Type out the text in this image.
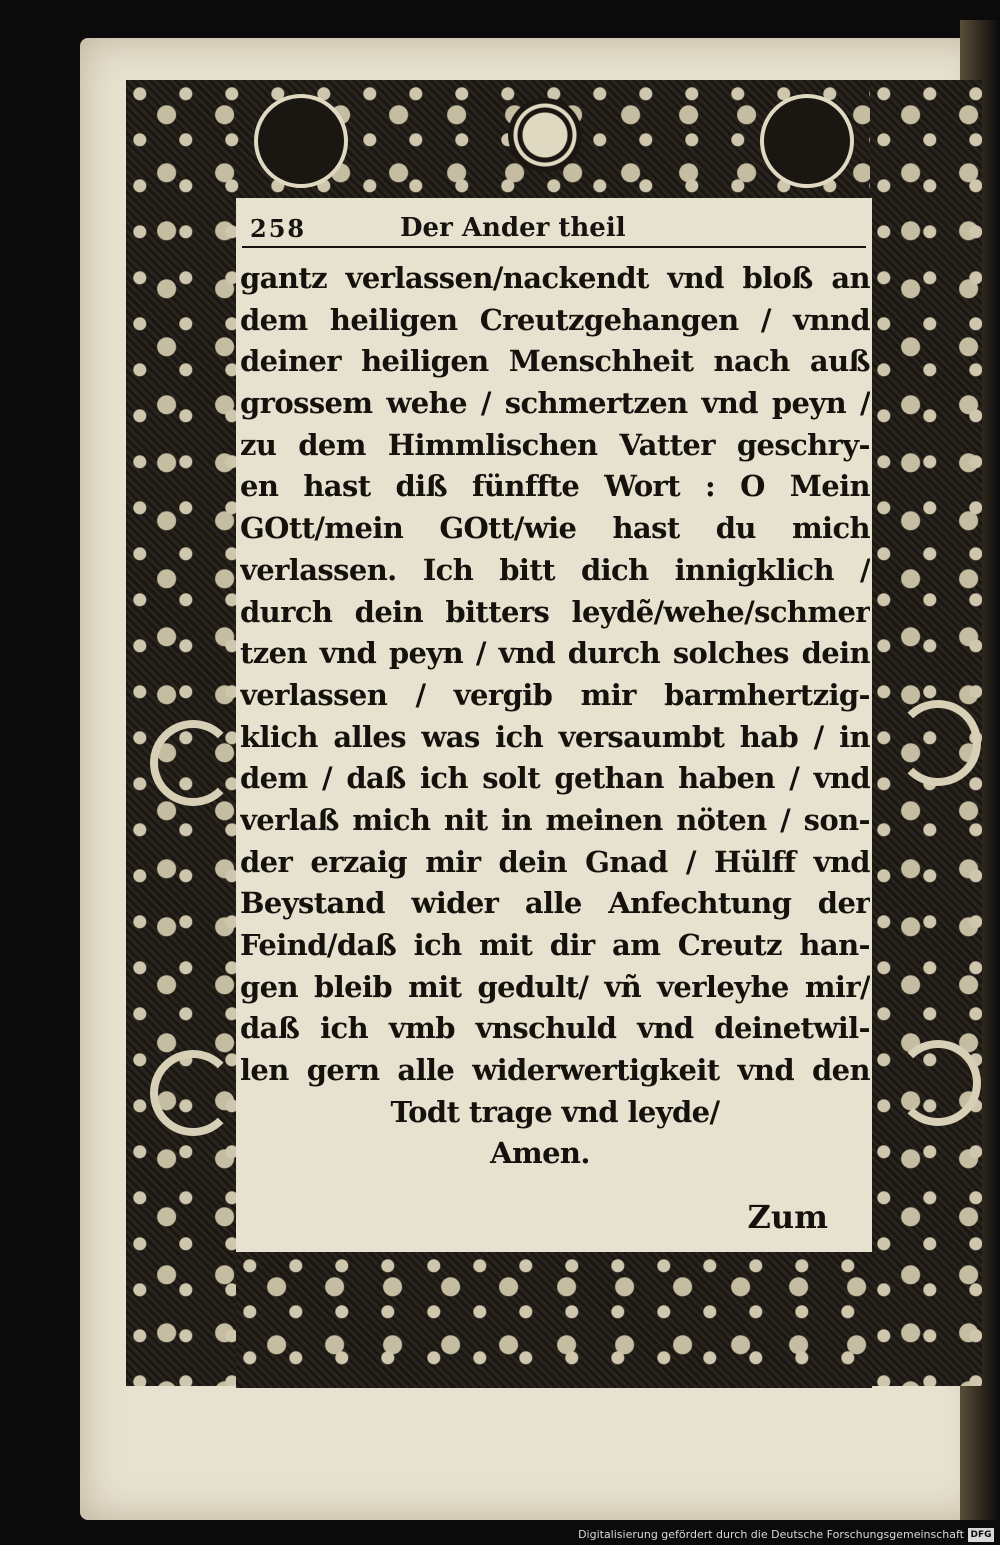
258	Der Ander theil
gantz verlassen/nackendt vnd bloß an
dem heiligen Creutzgehangen / vnnd
deiner heiligen Menschheit nach auß
grossem wehe / schmertzen vnd peyn /
zu dem Himmlischen Vatter geschry-
en hast diß fünffte Wort : O Mein
GOtt/mein GOtt/wie hast du mich
verlassen. Ich bitt dich innigklich /
durch dein bitters leydẽ/wehe/schmer
tzen vnd peyn / vnd durch solches dein
verlassen / vergib mir barmhertzig-
klich alles was ich versaumbt hab / in
dem / daß ich solt gethan haben / vnd
verlaß mich nit in meinen nöten / son-
der erzaig mir dein Gnad / Hülff vnd
Beystand wider alle Anfechtung der
Feind/daß ich mit dir am Creutz han-
gen bleib mit gedult/ vñ verleyhe mir/
daß ich vmb vnschuld vnd deinetwil-
len gern alle widerwertigkeit vnd den
Todt trage vnd leyde/
Amen.
Zum
Digitalisierung gefördert durch die Deutsche Forschungsgemeinschaft DFG
